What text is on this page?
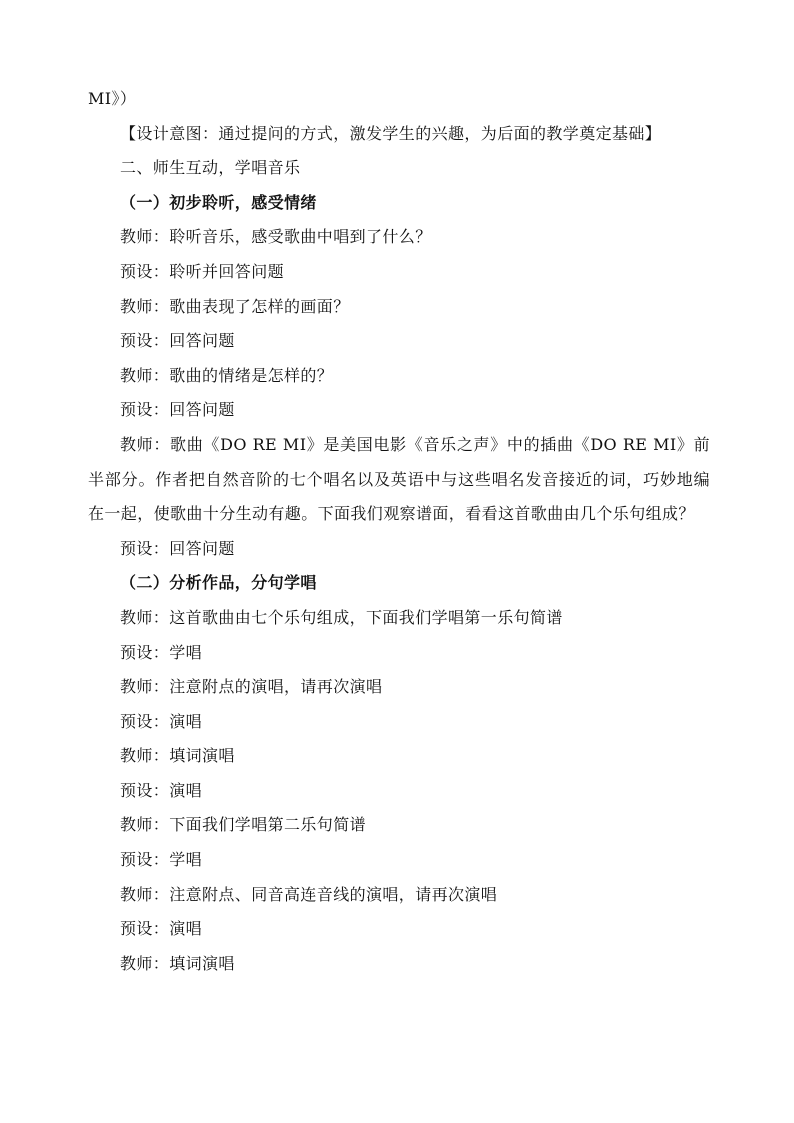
MI》）

【设计意图：通过提问的方式，激发学生的兴趣，为后面的教学奠定基础】

二、师生互动，学唱音乐

（一）初步聆听，感受情绪

教师：聆听音乐，感受歌曲中唱到了什么？

预设：聆听并回答问题

教师：歌曲表现了怎样的画面？

预设：回答问题

教师：歌曲的情绪是怎样的？

预设：回答问题

教师：歌曲《DO RE MI》是美国电影《音乐之声》中的插曲《DO RE MI》前半部分。作者把自然音阶的七个唱名以及英语中与这些唱名发音接近的词，巧妙地编在一起，使歌曲十分生动有趣。下面我们观察谱面，看看这首歌曲由几个乐句组成？

预设：回答问题

（二）分析作品，分句学唱

教师：这首歌曲由七个乐句组成，下面我们学唱第一乐句简谱

预设：学唱

教师：注意附点的演唱，请再次演唱

预设：演唱

教师：填词演唱

预设：演唱

教师：下面我们学唱第二乐句简谱

预设：学唱

教师：注意附点、同音高连音线的演唱，请再次演唱

预设：演唱

教师：填词演唱
